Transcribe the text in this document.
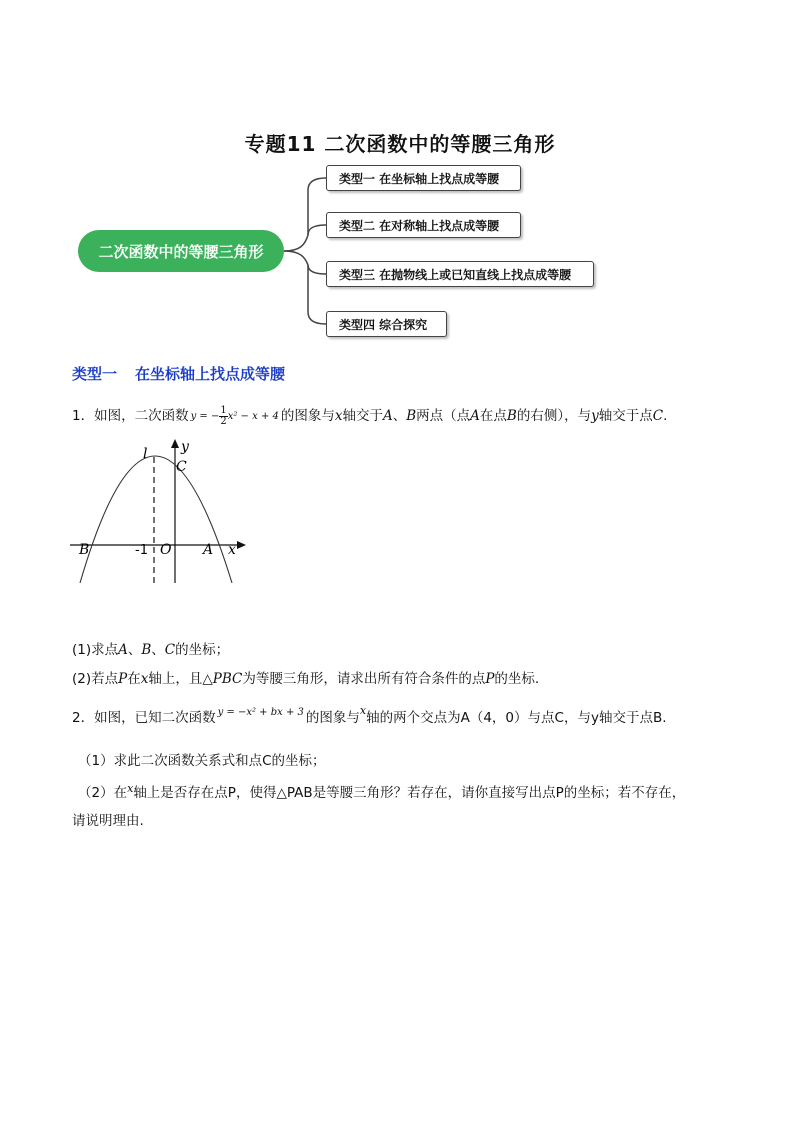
专题11 二次函数中的等腰三角形
二次函数中的等腰三角形
类型一 在坐标轴上找点成等腰
类型二 在对称轴上找点成等腰
类型三 在抛物线上或已知直线上找点成等腰
类型四 综合探究
类型一 在坐标轴上找点成等腰
1．如图，二次函数 y = − $\frac{1}{2} x^2 - x + 4$ 的图象与x轴交于A、B两点（点A在点B的右侧），与y轴交于点C.
l y
C
B	-1 O A x
(1)求点A、B、C的坐标；
(2)若点P在x轴上，且△PBC为等腰三角形，请求出所有符合条件的点P的坐标.
2．如图，已知二次函数 y = −x² + bx + 3 的图象与$^x$轴的两个交点为A（4，0）与点C，与y轴交于点B.
（1）求此二次函数关系式和点C的坐标；
（2）在$^x$轴上是否存在点P，使得△PAB是等腰三角形？若存在，请你直接写出点P的坐标；若不存在，
请说明理由.
